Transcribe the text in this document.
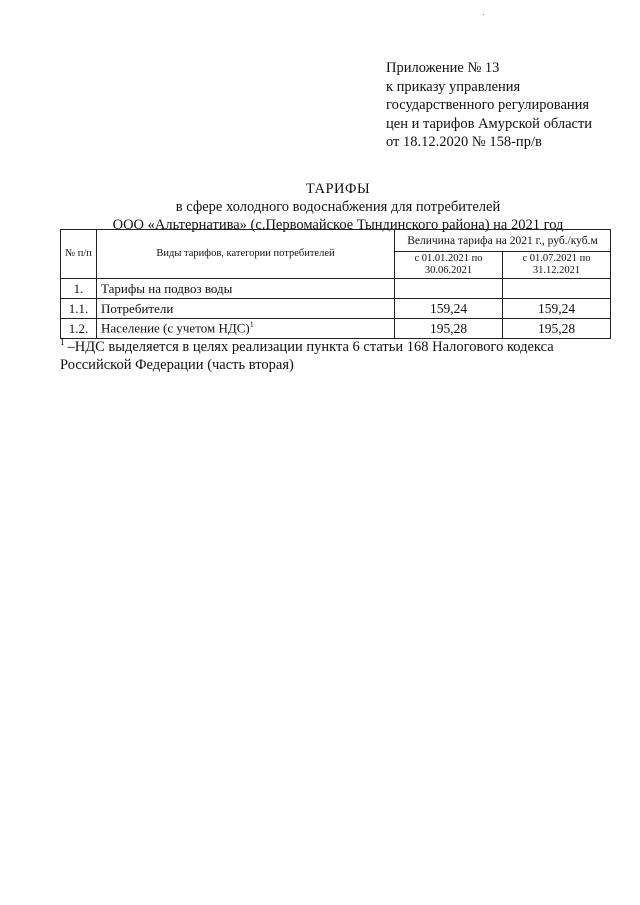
Приложение № 13
к приказу управления
государственного регулирования
цен и тарифов Амурской области
от 18.12.2020 № 158-пр/в
ТАРИФЫ
в сфере холодного водоснабжения для потребителей
ООО «Альтернатива» (с.Первомайское Тындинского района) на 2021 год
№ п/п	Виды тарифов, категории потребителей	Величина тарифа на 2021 г., руб./куб.м	
		с 01.01.2021 по 30.06.2021	с 01.07.2021 по 31.12.2021
1.	Тарифы на подвоз воды		
1.1.	Потребители	159,24	159,24
1.2.	Население (с учетом НДС)$^1$	195,28	195,28
$^1$ –НДС выделяется в целях реализации пункта 6 статьи 168 Налогового кодекса Российской Федерации (часть вторая)
